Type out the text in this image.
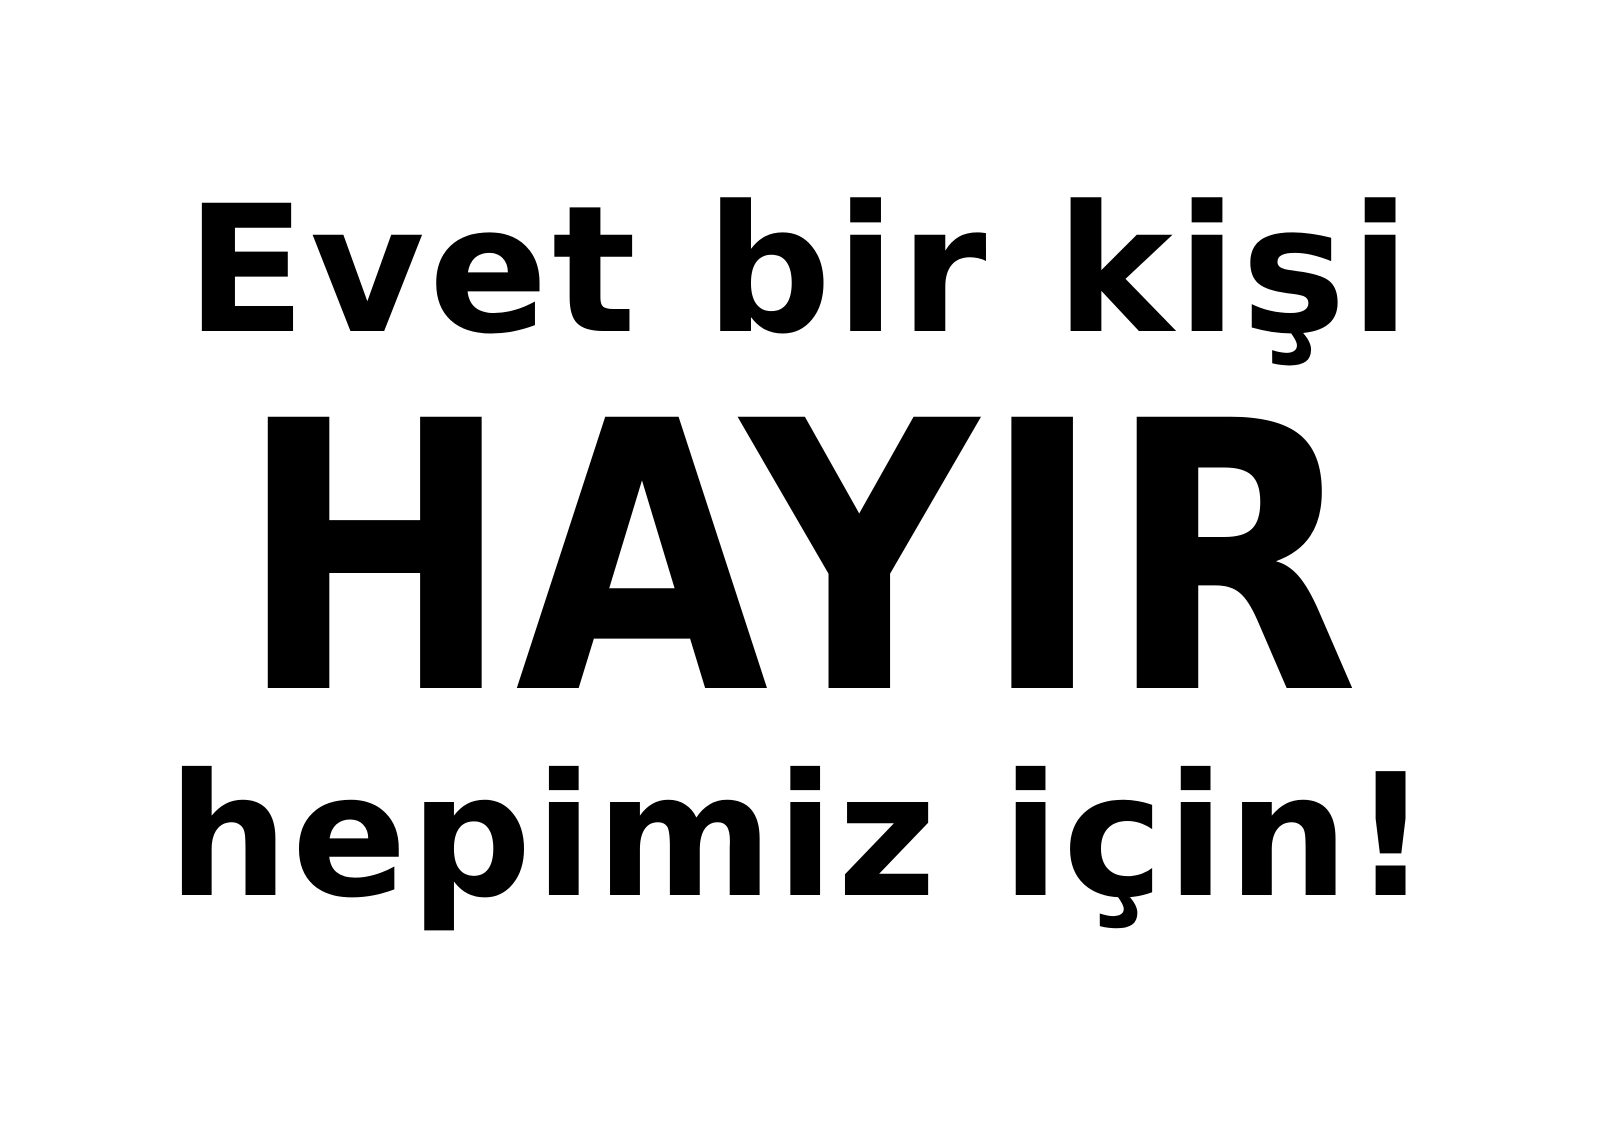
Evet bir kişi
HAYIR
hepimiz için!
